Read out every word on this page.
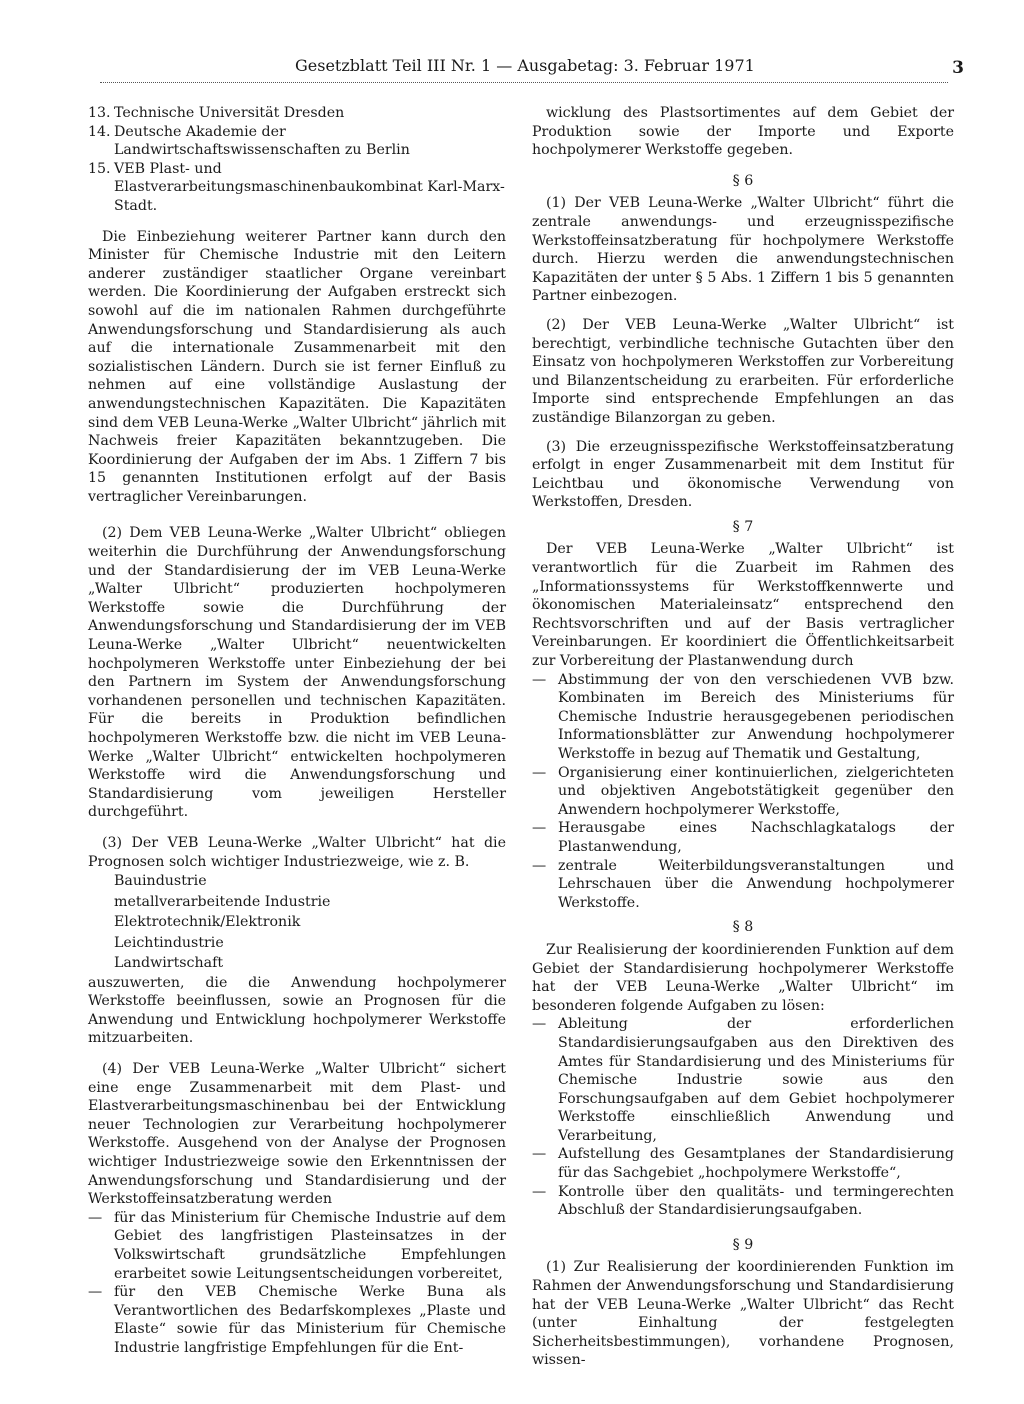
Gesetzblatt Teil III Nr. 1 — Ausgabetag: 3. Februar 1971	3
13. Technische Universität Dresden
14. Deutsche Akademie der Landwirtschaftswissenschaften zu Berlin
15. VEB Plast- und Elastverarbeitungsmaschinenbaukombinat Karl-Marx-Stadt.

Die Einbeziehung weiterer Partner kann durch den Minister für Chemische Industrie mit den Leitern anderer zuständiger staatlicher Organe vereinbart werden. Die Koordinierung der Aufgaben erstreckt sich sowohl auf die im nationalen Rahmen durchgeführte Anwendungsforschung und Standardisierung als auch auf die internationale Zusammenarbeit mit den sozialistischen Ländern. Durch sie ist ferner Einfluß zu nehmen auf eine vollständige Auslastung der anwendungstechnischen Kapazitäten. Die Kapazitäten sind dem VEB Leuna-Werke „Walter Ulbricht“ jährlich mit Nachweis freier Kapazitäten bekanntzugeben. Die Koordinierung der Aufgaben der im Abs. 1 Ziffern 7 bis 15 genannten Institutionen erfolgt auf der Basis vertraglicher Vereinbarungen.

(2) Dem VEB Leuna-Werke „Walter Ulbricht“ obliegen weiterhin die Durchführung der Anwendungsforschung und der Standardisierung der im VEB Leuna-Werke „Walter Ulbricht“ produzierten hochpolymeren Werkstoffe sowie die Durchführung der Anwendungsforschung und Standardisierung der im VEB Leuna-Werke „Walter Ulbricht“ neuentwickelten hochpolymeren Werkstoffe unter Einbeziehung der bei den Partnern im System der Anwendungsforschung vorhandenen personellen und technischen Kapazitäten. Für die bereits in Produktion befindlichen hochpolymeren Werkstoffe bzw. die nicht im VEB Leuna-Werke „Walter Ulbricht“ entwickelten hochpolymeren Werkstoffe wird die Anwendungsforschung und Standardisierung vom jeweiligen Hersteller durchgeführt.

(3) Der VEB Leuna-Werke „Walter Ulbricht“ hat die Prognosen solch wichtiger Industriezweige, wie z. B.

Bauindustrie
metallverarbeitende Industrie
Elektrotechnik/Elektronik
Leichtindustrie
Landwirtschaft

auszuwerten, die die Anwendung hochpolymerer Werkstoffe beeinflussen, sowie an Prognosen für die Anwendung und Entwicklung hochpolymerer Werkstoffe mitzuarbeiten.

(4) Der VEB Leuna-Werke „Walter Ulbricht“ sichert eine enge Zusammenarbeit mit dem Plast- und Elastverarbeitungsmaschinenbau bei der Entwicklung neuer Technologien zur Verarbeitung hochpolymerer Werkstoffe. Ausgehend von der Analyse der Prognosen wichtiger Industriezweige sowie den Erkenntnissen der Anwendungsforschung und Standardisierung und der Werkstoffeinsatzberatung werden

— für das Ministerium für Chemische Industrie auf dem Gebiet des langfristigen Plasteinsatzes in der Volkswirtschaft grundsätzliche Empfehlungen erarbeitet sowie Leitungsentscheidungen vorbereitet,
— für den VEB Chemische Werke Buna als Verantwortlichen des Bedarfskomplexes „Plaste und Elaste“ sowie für das Ministerium für Chemische Industrie langfristige Empfehlungen für die Ent-

wicklung des Plastsortimentes auf dem Gebiet der Produktion sowie der Importe und Exporte hochpolymerer Werkstoffe gegeben.

§ 6

(1) Der VEB Leuna-Werke „Walter Ulbricht“ führt die zentrale anwendungs- und erzeugnisspezifische Werkstoffeinsatzberatung für hochpolymere Werkstoffe durch. Hierzu werden die anwendungstechnischen Kapazitäten der unter § 5 Abs. 1 Ziffern 1 bis 5 genannten Partner einbezogen.

(2) Der VEB Leuna-Werke „Walter Ulbricht“ ist berechtigt, verbindliche technische Gutachten über den Einsatz von hochpolymeren Werkstoffen zur Vorbereitung und Bilanzentscheidung zu erarbeiten. Für erforderliche Importe sind entsprechende Empfehlungen an das zuständige Bilanzorgan zu geben.

(3) Die erzeugnisspezifische Werkstoffeinsatzberatung erfolgt in enger Zusammenarbeit mit dem Institut für Leichtbau und ökonomische Verwendung von Werkstoffen, Dresden.

§ 7

Der VEB Leuna-Werke „Walter Ulbricht“ ist verantwortlich für die Zuarbeit im Rahmen des „Informationssystems für Werkstoffkennwerte und ökonomischen Materialeinsatz“ entsprechend den Rechtsvorschriften und auf der Basis vertraglicher Vereinbarungen. Er koordiniert die Öffentlichkeitsarbeit zur Vorbereitung der Plastanwendung durch

— Abstimmung der von den verschiedenen VVB bzw. Kombinaten im Bereich des Ministeriums für Chemische Industrie herausgegebenen periodischen Informationsblätter zur Anwendung hochpolymerer Werkstoffe in bezug auf Thematik und Gestaltung,
— Organisierung einer kontinuierlichen, zielgerichteten und objektiven Angebotstätigkeit gegenüber den Anwendern hochpolymerer Werkstoffe,
— Herausgabe eines Nachschlagkatalogs der Plastanwendung,
— zentrale Weiterbildungsveranstaltungen und Lehrschauen über die Anwendung hochpolymerer Werkstoffe.
§ 8

Zur Realisierung der koordinierenden Funktion auf dem Gebiet der Standardisierung hochpolymerer Werkstoffe hat der VEB Leuna-Werke „Walter Ulbricht“ im besonderen folgende Aufgaben zu lösen:

— Ableitung der erforderlichen Standardisierungsaufgaben aus den Direktiven des Amtes für Standardisierung und des Ministeriums für Chemische Industrie sowie aus den Forschungsaufgaben auf dem Gebiet hochpolymerer Werkstoffe einschließlich Anwendung und Verarbeitung,
— Aufstellung des Gesamtplanes der Standardisierung für das Sachgebiet „hochpolymere Werkstoffe“,
— Kontrolle über den qualitäts- und termingerechten Abschluß der Standardisierungsaufgaben.
§ 9

(1) Zur Realisierung der koordinierenden Funktion im Rahmen der Anwendungsforschung und Standardisierung hat der VEB Leuna-Werke „Walter Ulbricht“ das Recht (unter Einhaltung der festgelegten Sicherheitsbestimmungen), vorhandene Prognosen, wissen-
